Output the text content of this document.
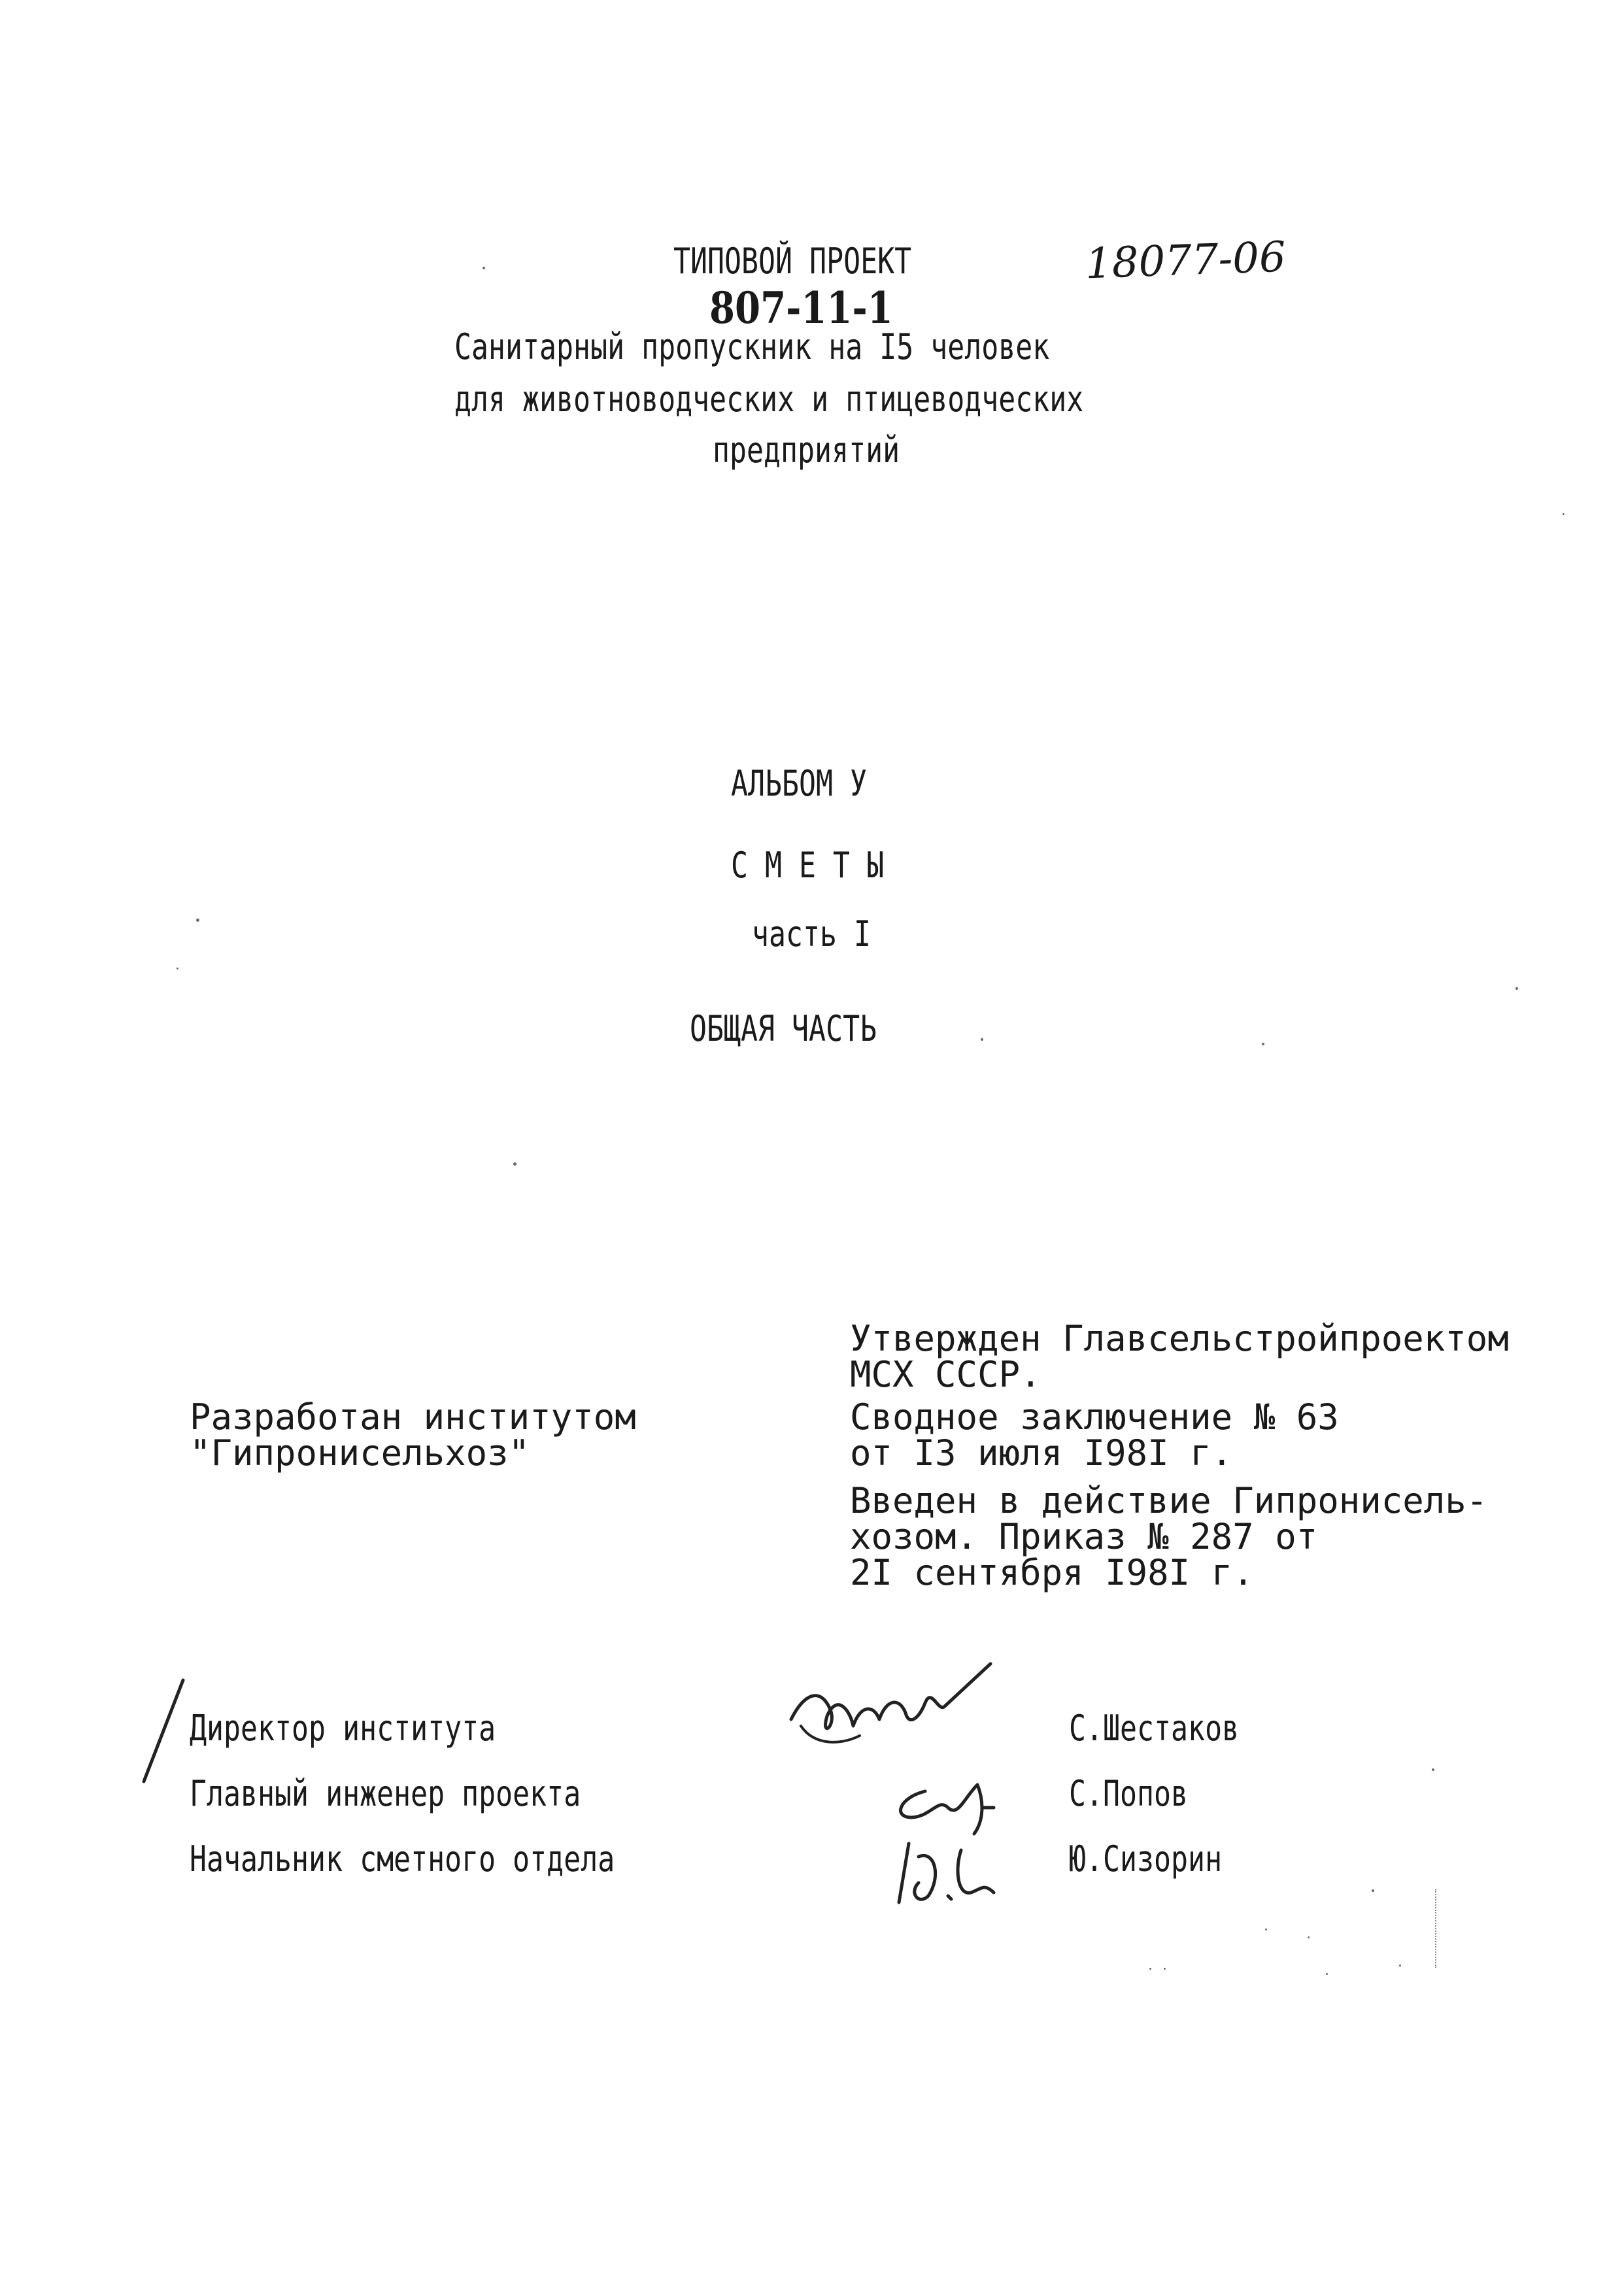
ТИПОВОЙ ПРОЕКТ	18077-06
807-11-1
Санитарный пропускник на I5 человек
для животноводческих и птицеводческих
предприятий
АЛЬБОМ У
С М Е Т Ы
часть I
ОБЩАЯ ЧАСТЬ
Разработан институтом
"Гипронисельхоз"
Утвержден Главсельстройпроектом
МСХ СССР.
Сводное заключение № 63
от I3 июля I98I г.
Введен в действие Гипронисель-
хозом. Приказ № 287 от
2I сентября I98I г.
Директор института
Главный инженер проекта
Начальник сметного отдела
С.Шестаков
С.Попов
Ю.Сизорин
